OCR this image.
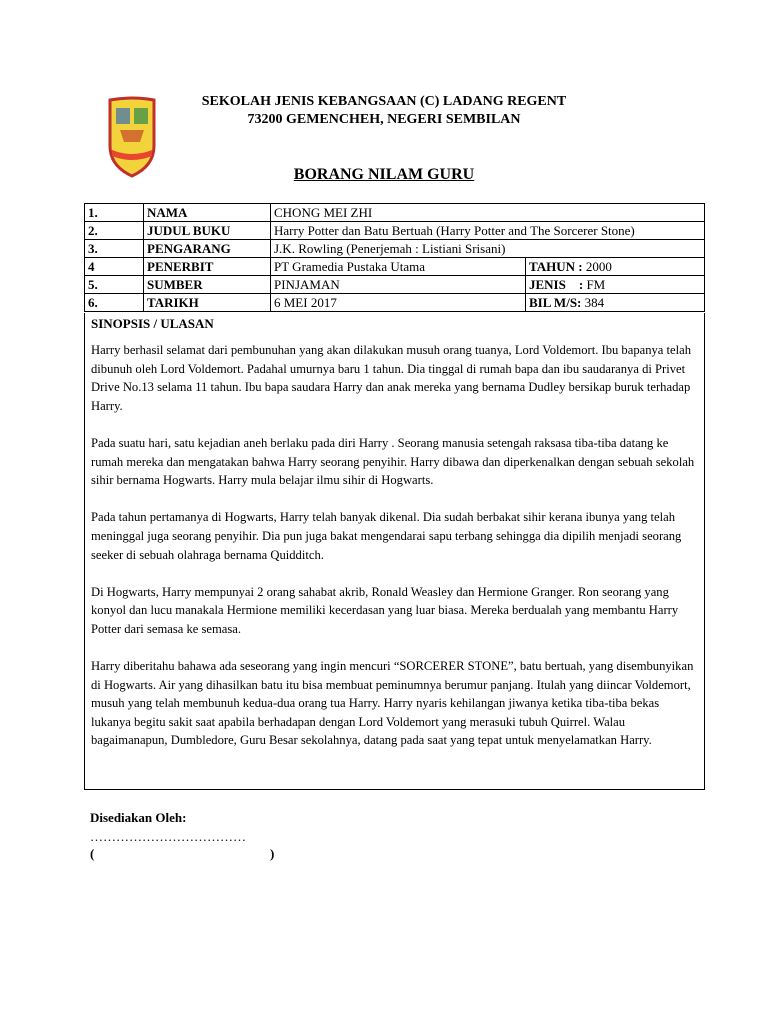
SEKOLAH JENIS KEBANGSAAN (C) LADANG REGENT
73200 GEMENCHEH, NEGERI SEMBILAN
BORANG NILAM GURU
1.	NAMA	CHONG MEI ZHI	
2.	JUDUL BUKU	Harry Potter dan Batu Bertuah (Harry Potter and The Sorcerer Stone)	
3.	PENGARANG	J.K. Rowling (Penerjemah : Listiani Srisani)	
4	PENERBIT	PT Gramedia Pustaka Utama	TAHUN : 2000
5.	SUMBER	PINJAMAN	JENIS    : FM
6.	TARIKH	6 MEI 2017	BIL M/S: 384
SINOPSIS / ULASAN

Harry berhasil selamat dari pembunuhan yang akan dilakukan musuh orang tuanya, Lord Voldemort. Ibu bapanya telah dibunuh oleh Lord Voldemort. Padahal umurnya baru 1 tahun. Dia tinggal di rumah bapa dan ibu saudaranya di Privet Drive No.13 selama 11 tahun. Ibu bapa saudara Harry dan anak mereka yang bernama Dudley bersikap buruk terhadap Harry.

Pada suatu hari, satu kejadian aneh berlaku pada diri Harry . Seorang manusia setengah raksasa tiba-tiba datang ke rumah mereka dan mengatakan bahwa Harry seorang penyihir. Harry dibawa dan diperkenalkan dengan sebuah sekolah sihir bernama Hogwarts. Harry mula belajar ilmu sihir di Hogwarts.

Pada tahun pertamanya di Hogwarts, Harry telah banyak dikenal. Dia sudah berbakat sihir kerana ibunya yang telah meninggal juga seorang penyihir. Dia pun juga bakat mengendarai sapu terbang sehingga dia dipilih menjadi seorang seeker di sebuah olahraga bernama Quidditch.

Di Hogwarts, Harry mempunyai 2 orang sahabat akrib, Ronald Weasley dan Hermione Granger. Ron seorang yang konyol dan lucu manakala Hermione memiliki kecerdasan yang luar biasa. Mereka berdualah yang membantu Harry Potter dari semasa ke semasa.

Harry diberitahu bahawa ada seseorang yang ingin mencuri “SORCERER STONE”, batu bertuah, yang disembunyikan di Hogwarts. Air yang dihasilkan batu itu bisa membuat peminumnya berumur panjang. Itulah yang diincar Voldemort, musuh yang telah membunuh kedua-dua orang tua Harry. Harry nyaris kehilangan jiwanya ketika tiba-tiba bekas lukanya begitu sakit saat apabila berhadapan dengan Lord Voldemort yang merasuki tubuh Quirrel. Walau bagaimanapun, Dumbledore, Guru Besar sekolahnya, datang pada saat yang tepat untuk menyelamatkan Harry.

Disediakan Oleh:
………………………………
(	)
